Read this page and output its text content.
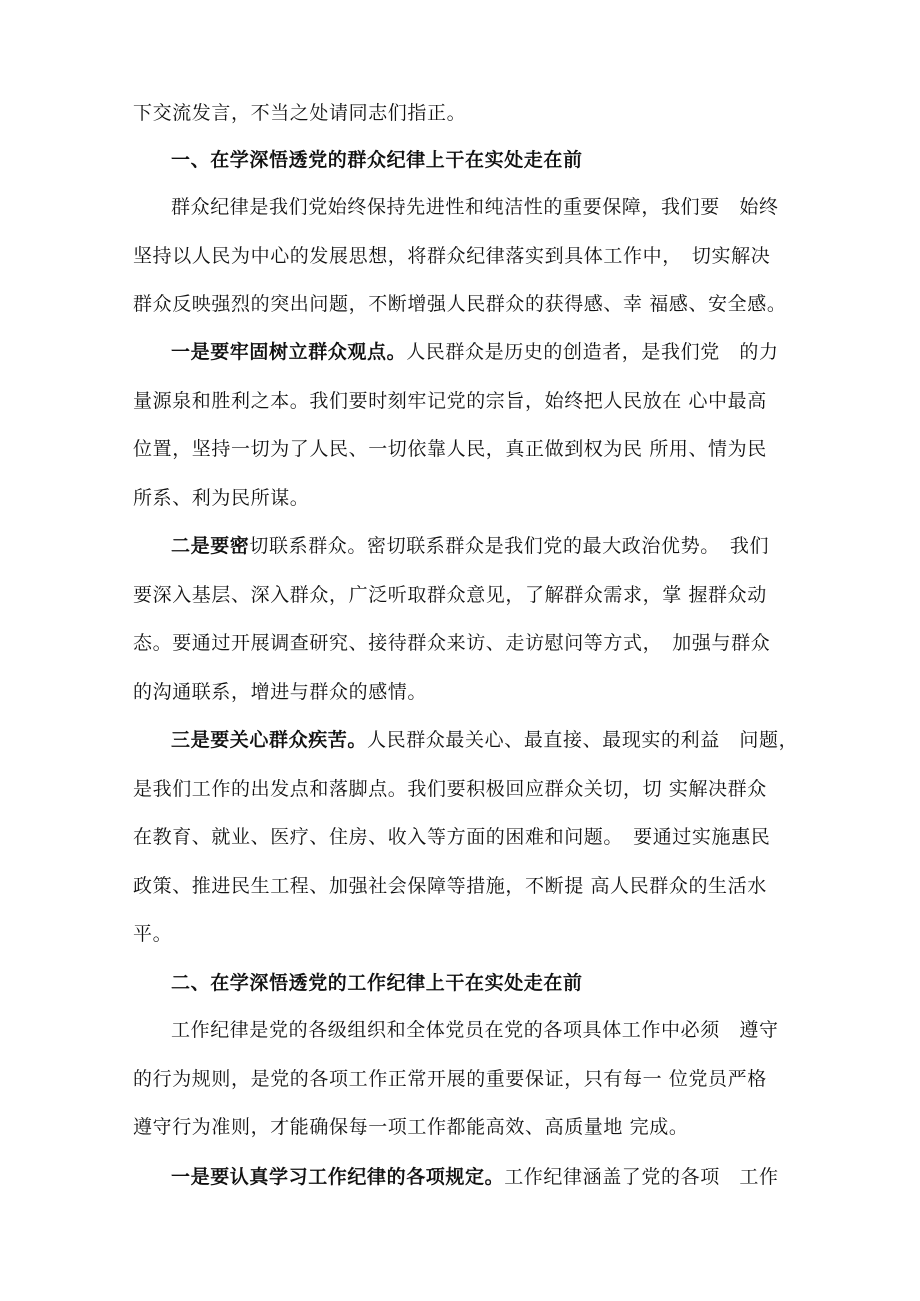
下交流发言，不当之处请同志们指正。

一、在学深悟透党的群众纪律上干在实处走在前

群众纪律是我们党始终保持先进性和纯洁性的重要保障，我们要　始终
坚持以人民为中心的发展思想，将群众纪律落实到具体工作中，　切实解决
群众反映强烈的突出问题，不断增强人民群众的获得感、幸 福感、安全感。

一是要牢固树立群众观点。人民群众是历史的创造者，是我们党　的力
量源泉和胜利之本。我们要时刻牢记党的宗旨，始终把人民放在 心中最高
位置，坚持一切为了人民、一切依靠人民，真正做到权为民 所用、情为民
所系、利为民所谋。

二是要密切联系群众。密切联系群众是我们党的最大政治优势。　我们
要深入基层、深入群众，广泛听取群众意见，了解群众需求，掌 握群众动
态。要通过开展调查研究、接待群众来访、走访慰问等方式，　加强与群众
的沟通联系，增进与群众的感情。

三是要关心群众疾苦。人民群众最关心、最直接、最现实的利益　问题，
是我们工作的出发点和落脚点。我们要积极回应群众关切，切 实解决群众
在教育、就业、医疗、住房、收入等方面的困难和问题。　要通过实施惠民
政策、推进民生工程、加强社会保障等措施，不断提 高人民群众的生活水
平。

二、在学深悟透党的工作纪律上干在实处走在前

工作纪律是党的各级组织和全体党员在党的各项具体工作中必须　遵守
的行为规则，是党的各项工作正常开展的重要保证，只有每一 位党员严格
遵守行为准则，才能确保每一项工作都能高效、高质量地 完成。

一是要认真学习工作纪律的各项规定。工作纪律涵盖了党的各项　工作
